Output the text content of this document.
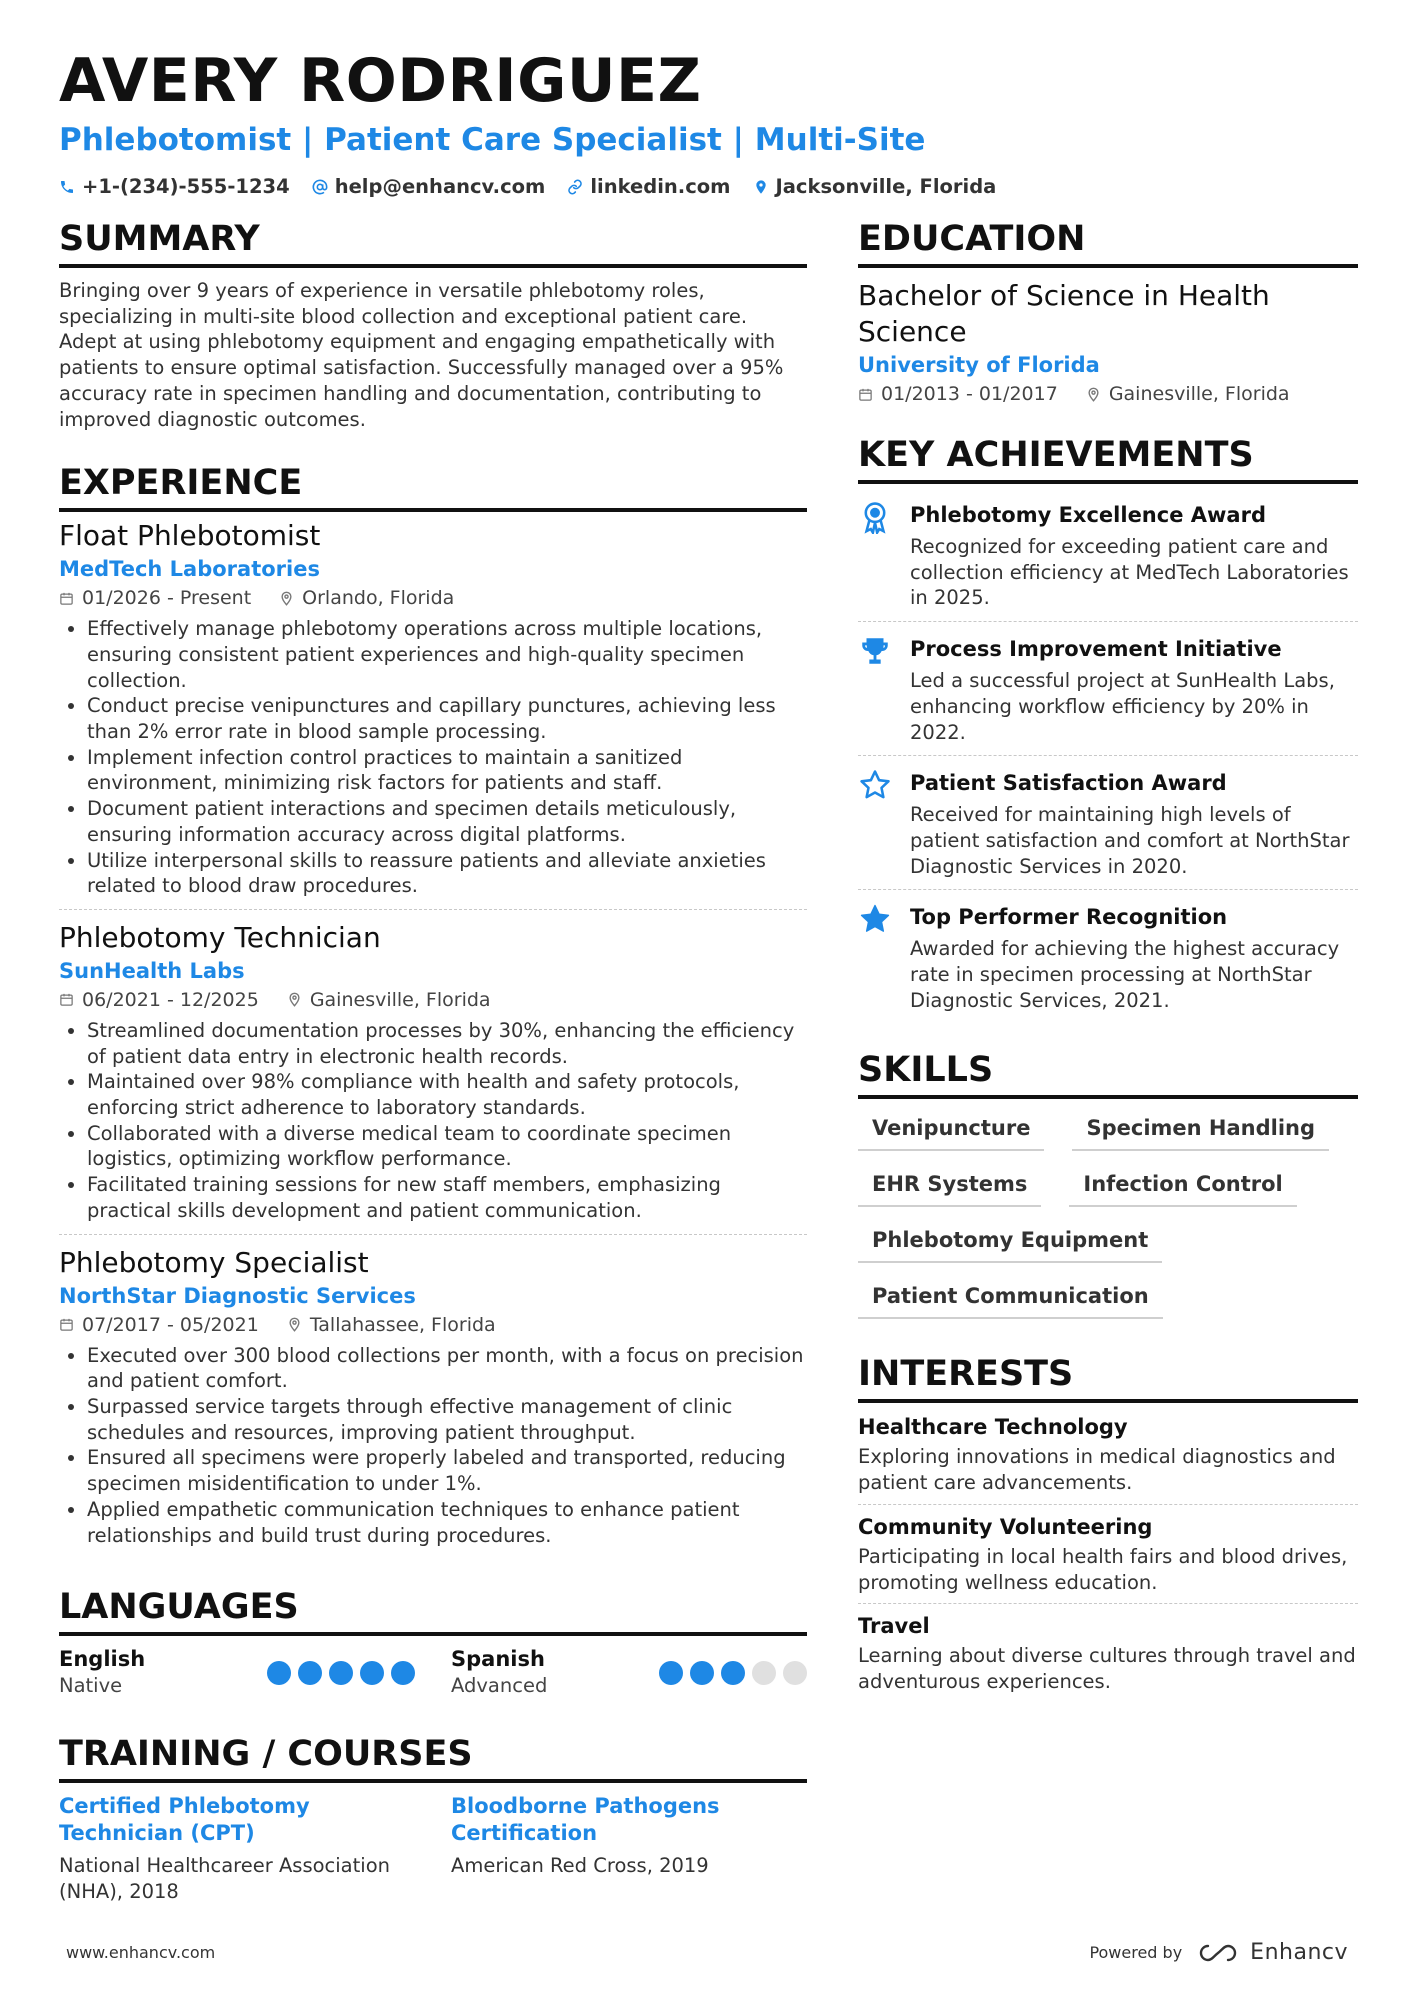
AVERY RODRIGUEZ
Phlebotomist | Patient Care Specialist | Multi-Site
+1-(234)-555-1234 help@enhancv.com linkedin.com Jacksonville, Florida
SUMMARY
Bringing over 9 years of experience in versatile phlebotomy roles, specializing in multi-site blood collection and exceptional patient care. Adept at using phlebotomy equipment and engaging empathetically with patients to ensure optimal satisfaction. Successfully managed over a 95% accuracy rate in specimen handling and documentation, contributing to improved diagnostic outcomes.
EXPERIENCE
Float Phlebotomist
MedTech Laboratories
01/2026 - Present	Orlando, Florida
• Effectively manage phlebotomy operations across multiple locations, ensuring consistent patient experiences and high-quality specimen collection.
• Conduct precise venipunctures and capillary punctures, achieving less than 2% error rate in blood sample processing.
• Implement infection control practices to maintain a sanitized environment, minimizing risk factors for patients and staff.
• Document patient interactions and specimen details meticulously, ensuring information accuracy across digital platforms.
• Utilize interpersonal skills to reassure patients and alleviate anxieties related to blood draw procedures.
Phlebotomy Technician
SunHealth Labs
06/2021 - 12/2025	Gainesville, Florida
• Streamlined documentation processes by 30%, enhancing the efficiency of patient data entry in electronic health records.
• Maintained over 98% compliance with health and safety protocols, enforcing strict adherence to laboratory standards.
• Collaborated with a diverse medical team to coordinate specimen logistics, optimizing workflow performance.
• Facilitated training sessions for new staff members, emphasizing practical skills development and patient communication.
Phlebotomy Specialist
NorthStar Diagnostic Services
07/2017 - 05/2021	Tallahassee, Florida
• Executed over 300 blood collections per month, with a focus on precision and patient comfort.
• Surpassed service targets through effective management of clinic schedules and resources, improving patient throughput.
• Ensured all specimens were properly labeled and transported, reducing specimen misidentification to under 1%.
• Applied empathetic communication techniques to enhance patient relationships and build trust during procedures.
LANGUAGES
English
Native
Spanish
Advanced
TRAINING / COURSES
Certified Phlebotomy Technician (CPT)
National Healthcareer Association (NHA), 2018
Bloodborne Pathogens Certification
American Red Cross, 2019
EDUCATION
Bachelor of Science in Health Science
University of Florida
01/2013 - 01/2017	Gainesville, Florida
KEY ACHIEVEMENTS
Phlebotomy Excellence Award
Recognized for exceeding patient care and collection efficiency at MedTech Laboratories in 2025.
Process Improvement Initiative
Led a successful project at SunHealth Labs, enhancing workflow efficiency by 20% in 2022.
Patient Satisfaction Award
Received for maintaining high levels of patient satisfaction and comfort at NorthStar Diagnostic Services in 2020.
Top Performer Recognition
Awarded for achieving the highest accuracy rate in specimen processing at NorthStar Diagnostic Services, 2021.
SKILLS
Venipuncture	Specimen Handling
EHR Systems	Infection Control
Phlebotomy Equipment
Patient Communication
INTERESTS
Healthcare Technology
Exploring innovations in medical diagnostics and patient care advancements.
Community Volunteering
Participating in local health fairs and blood drives, promoting wellness education.
Travel
Learning about diverse cultures through travel and adventurous experiences.
www.enhancv.com	Powered by	Enhancv
